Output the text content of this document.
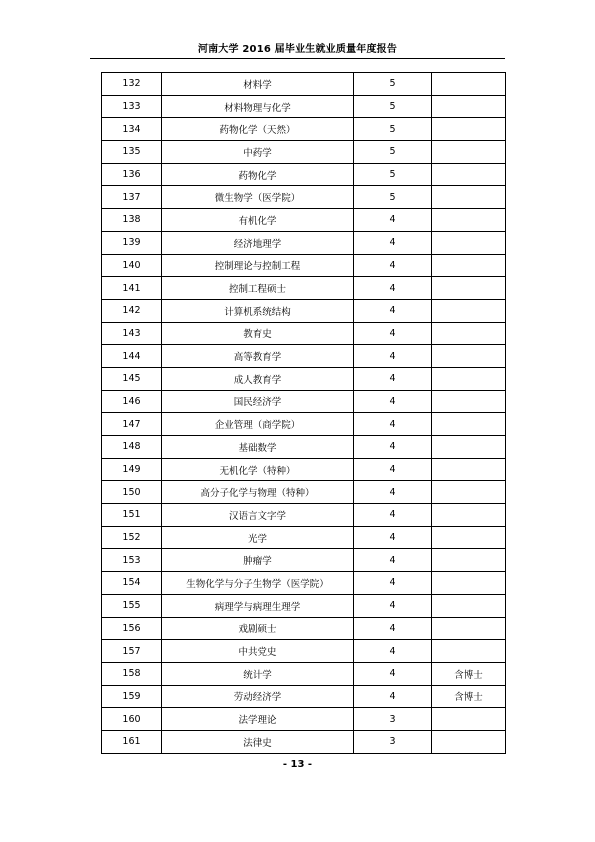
河南大学 2016 届毕业生就业质量年度报告
132	材料学	5	
133	材料物理与化学	5	
134	药物化学（天然）	5	
135	中药学	5	
136	药物化学	5	
137	微生物学（医学院）	5	
138	有机化学	4	
139	经济地理学	4	
140	控制理论与控制工程	4	
141	控制工程硕士	4	
142	计算机系统结构	4	
143	教育史	4	
144	高等教育学	4	
145	成人教育学	4	
146	国民经济学	4	
147	企业管理（商学院）	4	
148	基础数学	4	
149	无机化学（特种）	4	
150	高分子化学与物理（特种）	4	
151	汉语言文字学	4	
152	光学	4	
153	肿瘤学	4	
154	生物化学与分子生物学（医学院）	4	
155	病理学与病理生理学	4	
156	戏剧硕士	4	
157	中共党史	4	
158	统计学	4	含博士
159	劳动经济学	4	含博士
160	法学理论	3	
161	法律史	3	
- 13 -
